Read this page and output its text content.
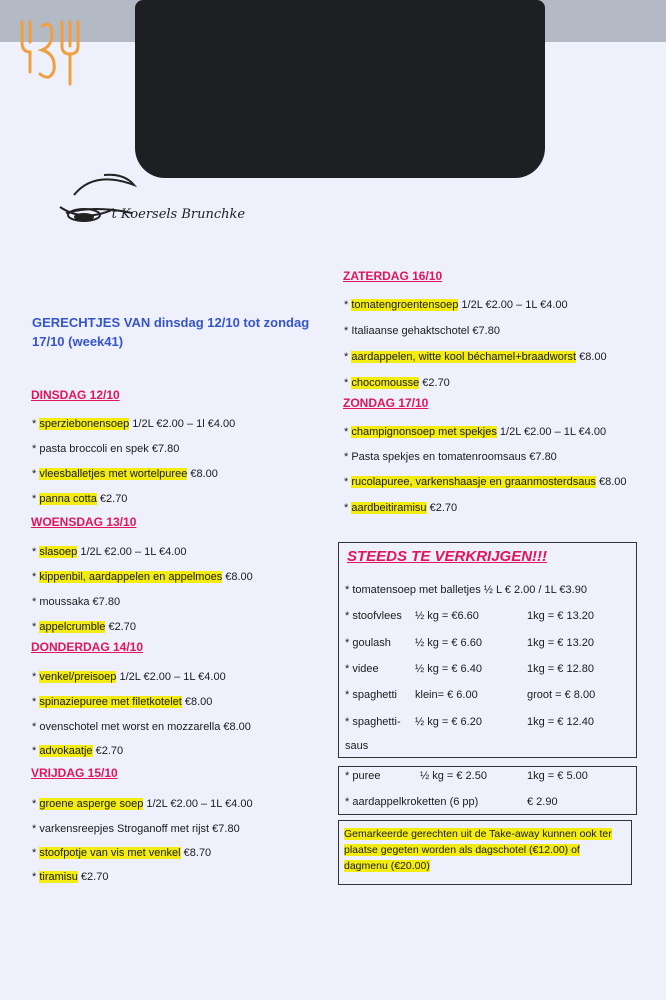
't Koersels Brunchke
GERECHTJES VAN dinsdag 12/10 tot zondag 17/10 (week41)
DINSDAG 12/10
* sperziebonensoep 1/2L €2.00 – 1l €4.00
* pasta broccoli en spek €7.80
* vleesballetjes met wortelpuree €8.00
* panna cotta €2.70
WOENSDAG 13/10
* slasoep 1/2L €2.00 – 1L €4.00
* kippenbil, aardappelen en appelmoes €8.00
* moussaka €7.80
* appelcrumble €2.70
DONDERDAG 14/10
* venkel/preisoep 1/2L €2.00 – 1L €4.00
* spinaziepuree met filetkotelet €8.00
* ovenschotel met worst en mozzarella €8.00
* advokaatje €2.70
VRIJDAG 15/10
* groene asperge soep 1/2L €2.00 – 1L €4.00
* varkensreepjes Stroganoff met rijst €7.80
* stoofpotje van vis met venkel €8.70
* tiramisu €2.70
ZATERDAG 16/10
* tomatengroentensoep 1/2L €2.00 – 1L €4.00
* Italiaanse gehaktschotel €7.80
* aardappelen, witte kool béchamel+braadworst €8.00
* chocomousse €2.70
ZONDAG 17/10
* champignonsoep met spekjes 1/2L €2.00 – 1L €4.00
* Pasta spekjes en tomatenroomsaus €7.80
* rucolapuree, varkenshaasje en graanmosterdsaus €8.00
* aardbeitiramisu €2.70
STEEDS TE VERKRIJGEN!!!
* tomatensoep met balletjes ½ L € 2.00 / 1L €3.90
* stoofvlees ½ kg = €6.60	1kg = € 13.20
* goulash ½ kg = € 6.60	1kg = € 13.20
* videe	½ kg = € 6.40	1kg = € 12.80
* spaghetti klein= € 6.00	groot = € 8.00
* spaghetti- ½ kg = € 6.20	1kg = € 12.40
saus
* puree	½ kg = € 2.50	1kg = € 5.00
* aardappelkroketten (6 pp)	€ 2.90
Gemarkeerde gerechten uit de Take-away kunnen ook ter plaatse gegeten worden als dagschotel (€12.00) of dagmenu (€20.00)
